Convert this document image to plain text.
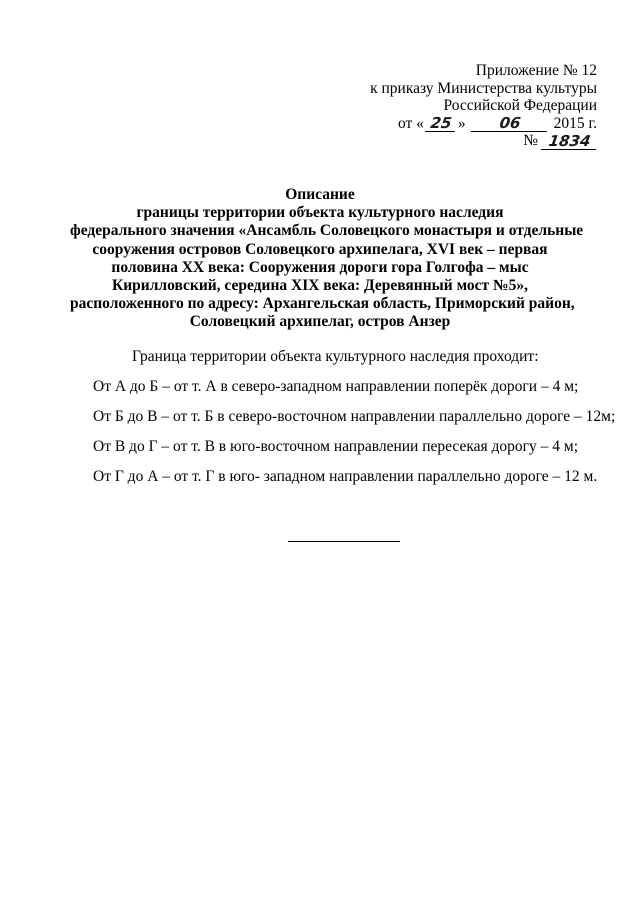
Приложение № 12
к приказу Министерства культуры
Российской Федерации
от « 25 »	06	2015 г.
№ 1834
Описание
границы территории объекта культурного наследия
федерального значения «Ансамбль Соловецкого монастыря и отдельные
сооружения островов Соловецкого архипелага, XVI век – первая
половина XX века: Сооружения дороги гора Голгофа – мыс
Кирилловский, середина XIX века: Деревянный мост №5»,
расположенного по адресу: Архангельская область, Приморский район,
Соловецкий архипелаг, остров Анзер
Граница территории объекта культурного наследия проходит:
От А до Б – от т. А в северо-западном направлении поперёк дороги – 4 м;
От Б до В – от т. Б в северо-восточном направлении параллельно дороге – 12м;
От В до Г – от т. В в юго-восточном направлении пересекая дорогу – 4 м;
От Г до А – от т. Г в юго- западном направлении параллельно дороге – 12 м.
